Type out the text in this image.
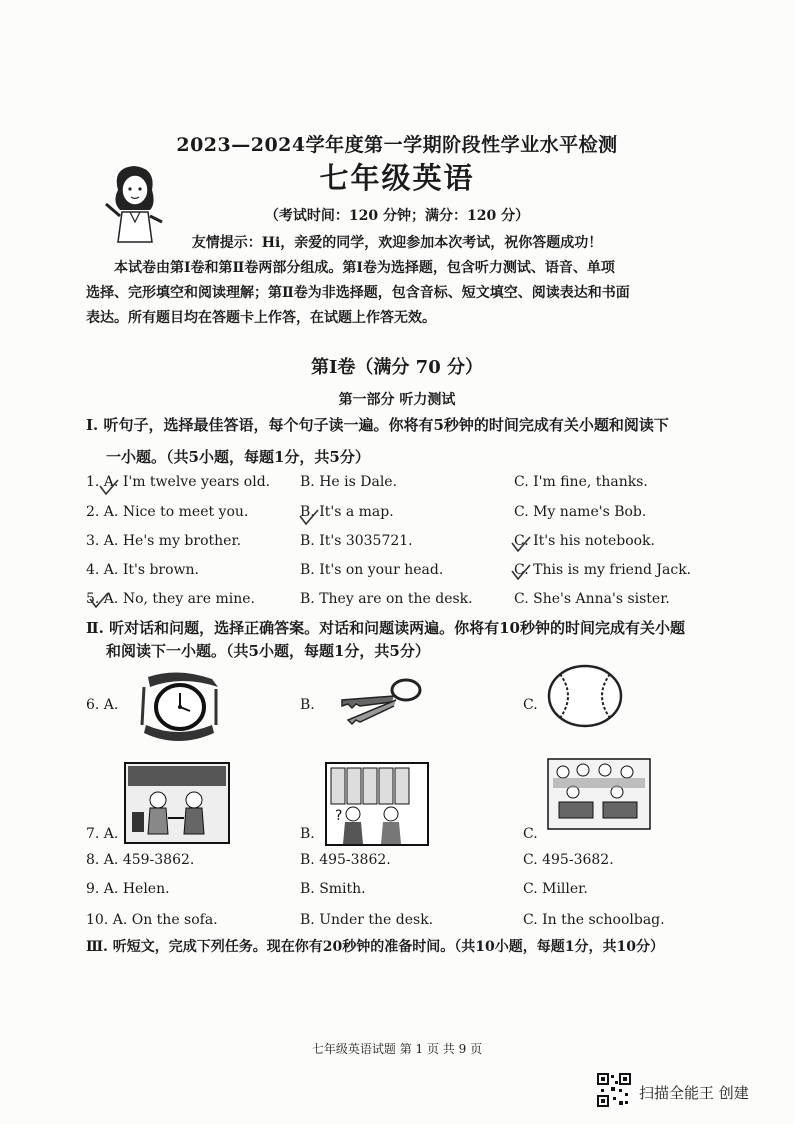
2023—2024学年度第一学期阶段性学业水平检测
七年级英语
（考试时间：120 分钟；满分：120 分）
友情提示：Hi，亲爱的同学，欢迎参加本次考试，祝你答题成功！
本试卷由第Ⅰ卷和第Ⅱ卷两部分组成。第Ⅰ卷为选择题，包含听力测试、语音、单项
选择、完形填空和阅读理解；第Ⅱ卷为非选择题，包含音标、短文填空、阅读表达和书面
表达。所有题目均在答题卡上作答，在试题上作答无效。
第Ⅰ卷（满分 70 分）
第一部分 听力测试
Ⅰ. 听句子，选择最佳答语，每个句子读一遍。你将有5秒钟的时间完成有关小题和阅读下
一小题。（共5小题，每题1分，共5分）
1. A. I'm twelve years old. B. He is Dale.	C. I'm fine, thanks.
2. A. Nice to meet you.	B. It's a map.	C. My name's Bob.
3. A. He's my brother.	B. It's 3035721.	C. It's his notebook.
4. A. It's brown.	B. It's on your head.	C. This is my friend Jack.
5. A. No, they are mine.	B. They are on the desk.	C. She's Anna's sister.
Ⅱ. 听对话和问题，选择正确答案。对话和问题读两遍。你将有10秒钟的时间完成有关小题
和阅读下一小题。（共5小题，每题1分，共5分）
6. A.	B.	C.
7. A.	B.	C.
?
8. A. 459-3862.	B. 495-3862.	C. 495-3682.
9. A. Helen.	B. Smith.	C. Miller.
10. A. On the sofa.	B. Under the desk.	C. In the schoolbag.
Ⅲ. 听短文，完成下列任务。现在你有20秒钟的准备时间。（共10小题，每题1分，共10分）
七年级英语试题 第 1 页 共 9 页
扫描全能王 创建
